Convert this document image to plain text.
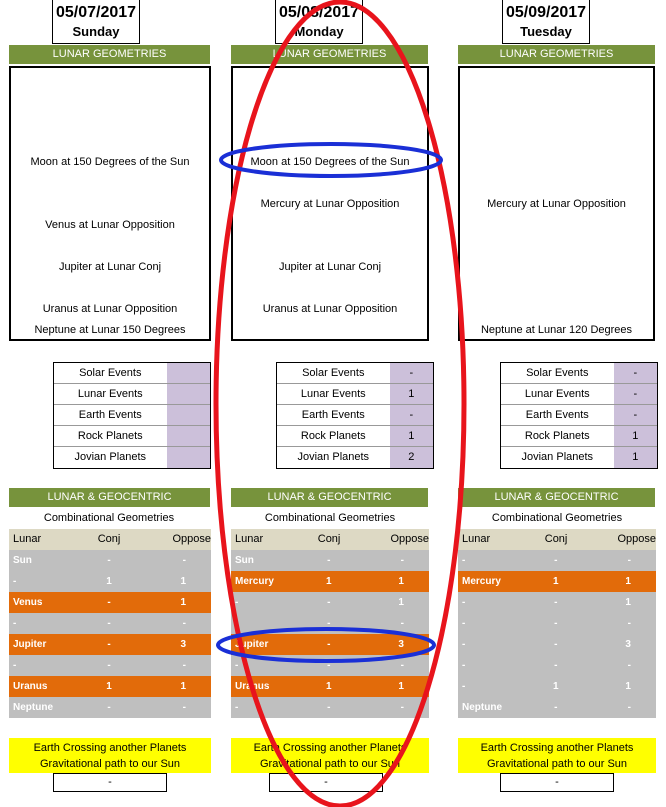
05/07/2017
Sunday
LUNAR GEOMETRIES
Moon at 150 Degrees of the Sun
Venus at Lunar Opposition
Jupiter at Lunar Conj
Uranus at Lunar Opposition
Neptune at Lunar 150 Degrees
Solar Events
Lunar Events
Earth Events
Rock Planets
Jovian Planets
LUNAR & GEOCENTRIC
Combinational Geometries
Lunar	Conj	Oppose
Sun	-	-
-	1	1
Venus	-	1
-	-	-
Jupiter	-	3
-	-	-
Uranus	1	1
Neptune	-	-
Earth Crossing another Planets
Gravitational path to our Sun
-
05/08/2017
Monday
LUNAR GEOMETRIES
Moon at 150 Degrees of the Sun
Mercury at Lunar Opposition
Jupiter at Lunar Conj
Uranus at Lunar Opposition
Solar Events	-
Lunar Events	1
Earth Events	-
Rock Planets	1
Jovian Planets	2
LUNAR & GEOCENTRIC
Combinational Geometries
Lunar	Conj	Oppose
Sun	-	-
Mercury	1	1
-	-	1
-	-	-
Jupiter	-	3
-	-	-
Uranus	1	1
-	-	-
Earth Crossing another Planets
Gravitational path to our Sun
-
05/09/2017
Tuesday
LUNAR GEOMETRIES
Mercury at Lunar Opposition
Neptune at Lunar 120 Degrees
Solar Events	-
Lunar Events	-
Earth Events	-
Rock Planets	1
Jovian Planets	1
LUNAR & GEOCENTRIC
Combinational Geometries
Lunar	Conj	Oppose
-	-	-
Mercury	1	1
-	-	1
-	-	-
-	-	3
-	-	-
-	1	1
Neptune	-	-
Earth Crossing another Planets
Gravitational path to our Sun
-
